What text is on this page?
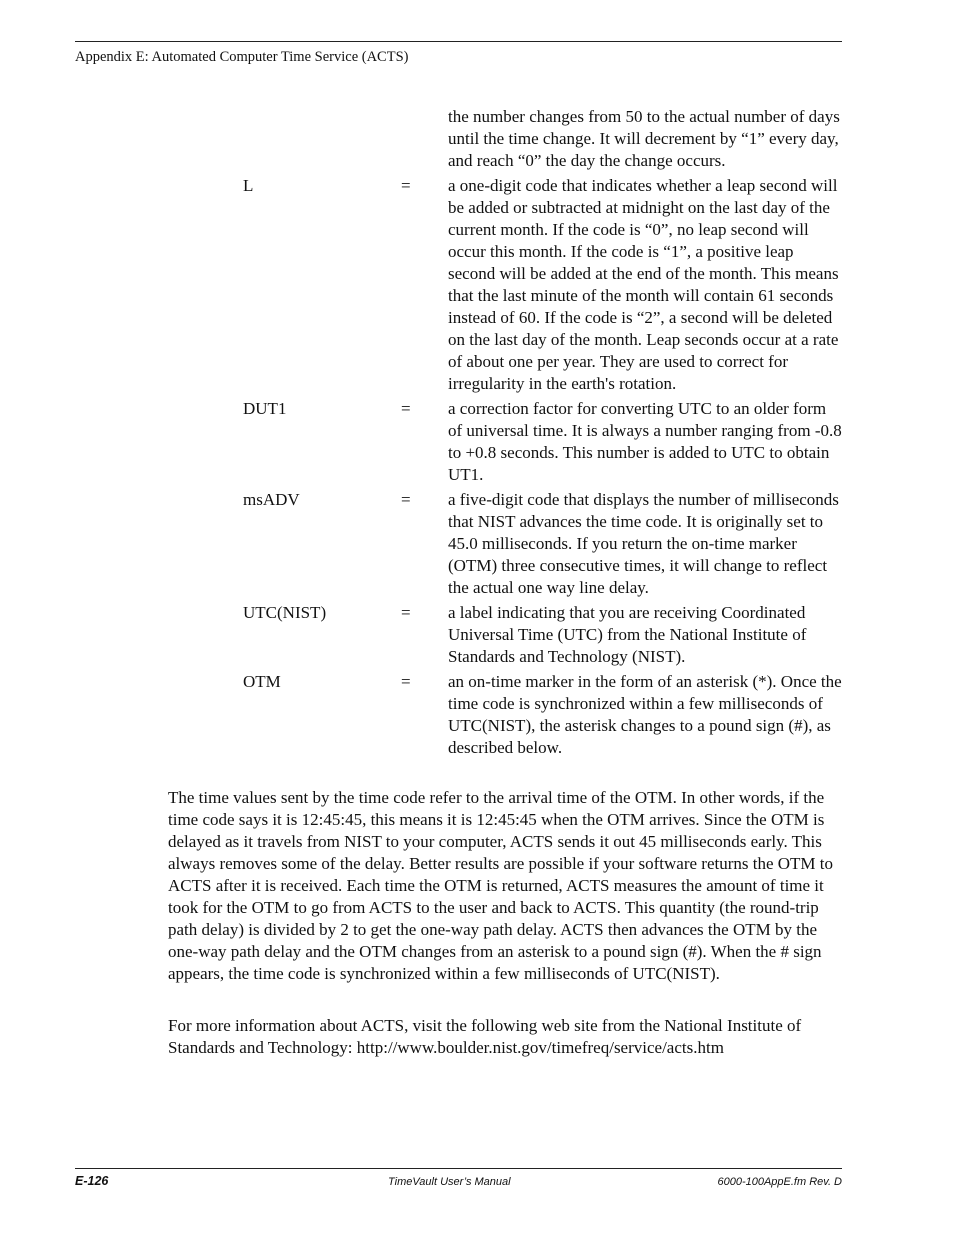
Appendix E: Automated Computer Time Service (ACTS)
the number changes from 50 to the actual number of days until the time change. It will decrement by “1” every day, and reach “0” the day the change occurs.
L	= a one-digit code that indicates whether a leap second will be added or subtracted at midnight on the last day of the current month. If the code is “0”, no leap second will occur this month. If the code is “1”, a positive leap second will be added at the end of the month. This means that the last minute of the month will contain 61 seconds instead of 60. If the code is “2”, a second will be deleted on the last day of the month. Leap seconds occur at a rate of about one per year. They are used to correct for irregularity in the earth's rotation.
DUT1	= a correction factor for converting UTC to an older form of universal time. It is always a number ranging from -0.8 to +0.8 seconds. This number is added to UTC to obtain UT1.
msADV	= a five-digit code that displays the number of milliseconds that NIST advances the time code. It is originally set to 45.0 milliseconds. If you return the on-time marker (OTM) three consecutive times, it will change to reflect the actual one way line delay.
UTC(NIST)	= a label indicating that you are receiving Coordinated Universal Time (UTC) from the National Institute of Standards and Technology (NIST).
OTM	= an on-time marker in the form of an asterisk (*). Once the time code is synchronized within a few milliseconds of UTC(NIST), the asterisk changes to a pound sign (#), as described below.

The time values sent by the time code refer to the arrival time of the OTM. In other words, if the time code says it is 12:45:45, this means it is 12:45:45 when the OTM arrives. Since the OTM is delayed as it travels from NIST to your computer, ACTS sends it out 45 milliseconds early. This always removes some of the delay. Better results are possible if your software returns the OTM to ACTS after it is received. Each time the OTM is returned, ACTS measures the amount of time it took for the OTM to go from ACTS to the user and back to ACTS. This quantity (the round-trip path delay) is divided by 2 to get the one-way path delay. ACTS then advances the OTM by the one-way path delay and the OTM changes from an asterisk to a pound sign (#). When the # sign appears, the time code is synchronized within a few milliseconds of UTC(NIST).

For more information about ACTS, visit the following web site from the National Institute of Standards and Technology: http://www.boulder.nist.gov/timefreq/service/acts.htm

E-126	TimeVault User’s Manual	6000-100AppE.fm Rev. D
